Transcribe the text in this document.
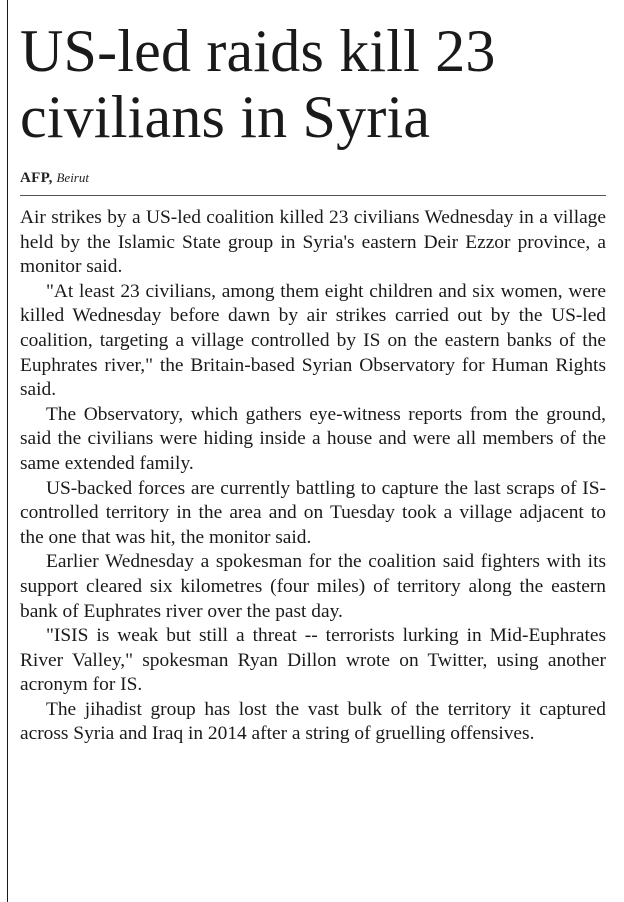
US-led raids kill 23
civilians in Syria
AFP, Beirut

Air strikes by a US-led coalition killed 23 civilians Wednesday in a village held by the Islamic State group in Syria's eastern Deir Ezzor province, a monitor said.

"At least 23 civilians, among them eight children and six women, were killed Wednesday before dawn by air strikes carried out by the US-led coalition, targeting a village controlled by IS on the eastern banks of the Euphrates river," the Britain-based Syrian Observatory for Human Rights said.

The Observatory, which gathers eye-witness reports from the ground, said the civilians were hiding inside a house and were all members of the same extended family.

US-backed forces are currently battling to capture the last scraps of IS-controlled territory in the area and on Tuesday took a village adjacent to the one that was hit, the monitor said.

Earlier Wednesday a spokesman for the coalition said fighters with its support cleared six kilometres (four miles) of territory along the eastern bank of Euphrates river over the past day.

"ISIS is weak but still a threat -- terrorists lurking in Mid-Euphrates River Valley," spokesman Ryan Dillon wrote on Twitter, using another acronym for IS.

The jihadist group has lost the vast bulk of the territory it captured across Syria and Iraq in 2014 after a string of gruelling offensives.
